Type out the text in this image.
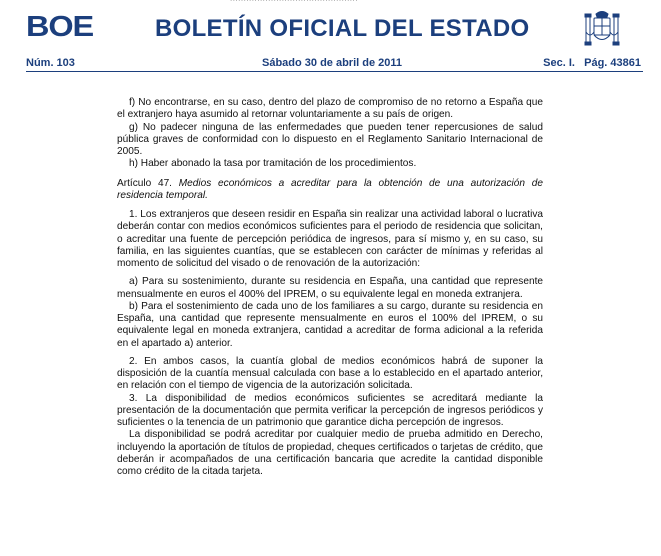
BOE	BOLETÍN OFICIAL DEL ESTADO
Núm. 103	Sábado 30 de abril de 2011	Sec. I.   Pág. 43861

f) No encontrarse, en su caso, dentro del plazo de compromiso de no retorno a España que el extranjero haya asumido al retornar voluntariamente a su país de origen.

g) No padecer ninguna de las enfermedades que pueden tener repercusiones de salud pública graves de conformidad con lo dispuesto en el Reglamento Sanitario Internacional de 2005.

h) Haber abonado la tasa por tramitación de los procedimientos.

Artículo 47. Medios económicos a acreditar para la obtención de una autorización de residencia temporal.

1. Los extranjeros que deseen residir en España sin realizar una actividad laboral o lucrativa deberán contar con medios económicos suficientes para el periodo de residencia que solicitan, o acreditar una fuente de percepción periódica de ingresos, para sí mismo y, en su caso, su familia, en las siguientes cuantías, que se establecen con carácter de mínimas y referidas al momento de solicitud del visado o de renovación de la autorización:

a) Para su sostenimiento, durante su residencia en España, una cantidad que represente mensualmente en euros el 400% del IPREM, o su equivalente legal en moneda extranjera.

b) Para el sostenimiento de cada uno de los familiares a su cargo, durante su residencia en España, una cantidad que represente mensualmente en euros el 100% del IPREM, o su equivalente legal en moneda extranjera, cantidad a acreditar de forma adicional a la referida en el apartado a) anterior.

2. En ambos casos, la cuantía global de medios económicos habrá de suponer la disposición de la cuantía mensual calculada con base a lo establecido en el apartado anterior, en relación con el tiempo de vigencia de la autorización solicitada.

3. La disponibilidad de medios económicos suficientes se acreditará mediante la presentación de la documentación que permita verificar la percepción de ingresos periódicos y suficientes o la tenencia de un patrimonio que garantice dicha percepción de ingresos.

La disponibilidad se podrá acreditar por cualquier medio de prueba admitido en Derecho, incluyendo la aportación de títulos de propiedad, cheques certificados o tarjetas de crédito, que deberán ir acompañados de una certificación bancaria que acredite la cantidad disponible como crédito de la citada tarjeta.
